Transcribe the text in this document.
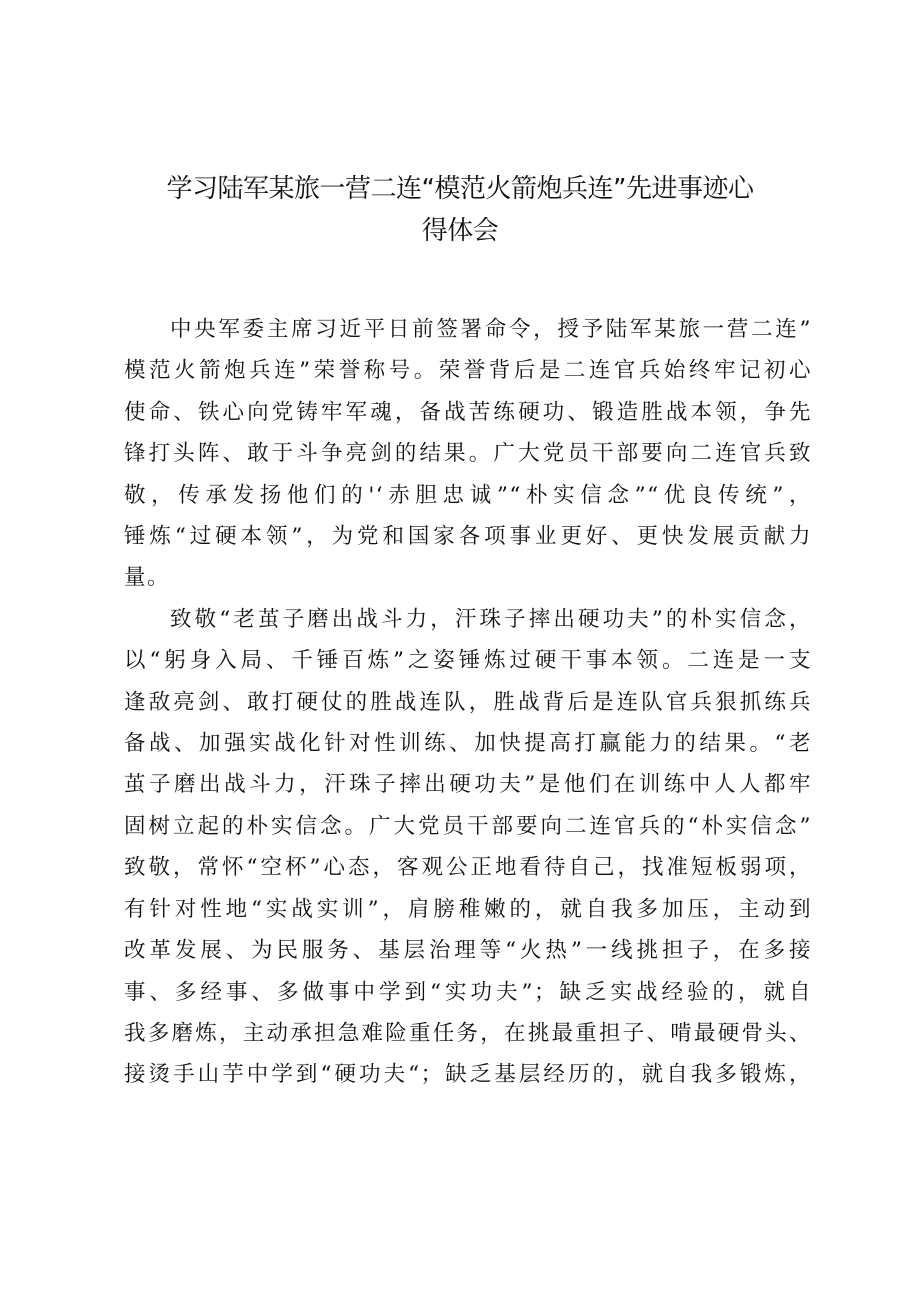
学习陆军某旅一营二连“模范火箭炮兵连”先进事迹心
得体会

中央军委主席习近平日前签署命令，授予陆军某旅一营二连”
模范火箭炮兵连”荣誉称号。荣誉背后是二连官兵始终牢记初心
使命、铁心向党铸牢军魂，备战苦练硬功、锻造胜战本领，争先
锋打头阵、敢于斗争亮剑的结果。广大党员干部要向二连官兵致
敬，传承发扬他们的'‘赤胆忠诚”“朴实信念”“优良传统”，
锤炼“过硬本领”，为党和国家各项事业更好、更快发展贡献力
量。

致敬“老茧子磨出战斗力，汗珠子摔出硬功夫”的朴实信念，
以“躬身入局、千锤百炼”之姿锤炼过硬干事本领。二连是一支
逢敌亮剑、敢打硬仗的胜战连队，胜战背后是连队官兵狠抓练兵
备战、加强实战化针对性训练、加快提高打赢能力的结果。“老
茧子磨出战斗力，汗珠子摔出硬功夫”是他们在训练中人人都牢
固树立起的朴实信念。广大党员干部要向二连官兵的“朴实信念”
致敬，常怀“空杯”心态，客观公正地看待自己，找准短板弱项，
有针对性地“实战实训”，肩膀稚嫩的，就自我多加压，主动到
改革发展、为民服务、基层治理等“火热”一线挑担子，在多接
事、多经事、多做事中学到“实功夫”；缺乏实战经验的，就自
我多磨炼，主动承担急难险重任务，在挑最重担子、啃最硬骨头、
接烫手山芋中学到“硬功夫“；缺乏基层经历的，就自我多锻炼，
